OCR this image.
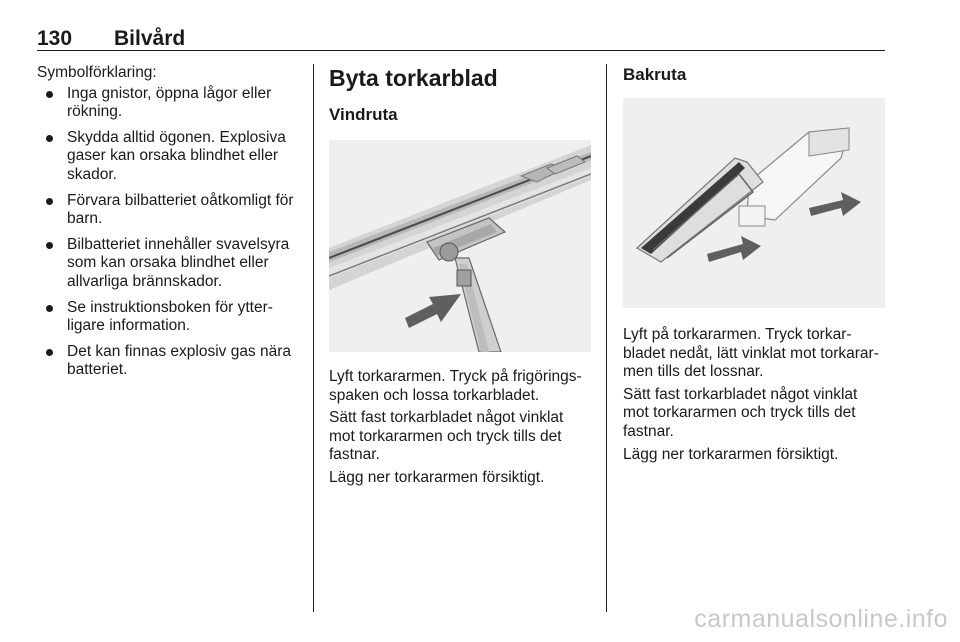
130 Bilvård

Symbolförklaring:

Inga gnistor, öppna lågor eller rökning.
Skydda alltid ögonen. Explosiva gaser kan orsaka blindhet eller skador.
Förvara bilbatteriet oåtkomligt för barn.
Bilbatteriet innehåller svavelsyra som kan orsaka blindhet eller allvarliga brännskador.
Se instruktionsboken för ytter-ligare information.
Det kan finnas explosiv gas nära batteriet.
Byta torkarblad
Vindruta

Lyft torkararmen. Tryck på frigörings-spaken och lossa torkarbladet.

Sätt fast torkarbladet något vinklat mot torkararmen och tryck tills det fastnar.

Lägg ner torkararmen försiktigt.

Bakruta

Lyft på torkararmen. Tryck torkar-bladet nedåt, lätt vinklat mot torkarar-men tills det lossnar.

Sätt fast torkarbladet något vinklat mot torkararmen och tryck tills det fastnar.

Lägg ner torkararmen försiktigt.

carmanualsonline.info
